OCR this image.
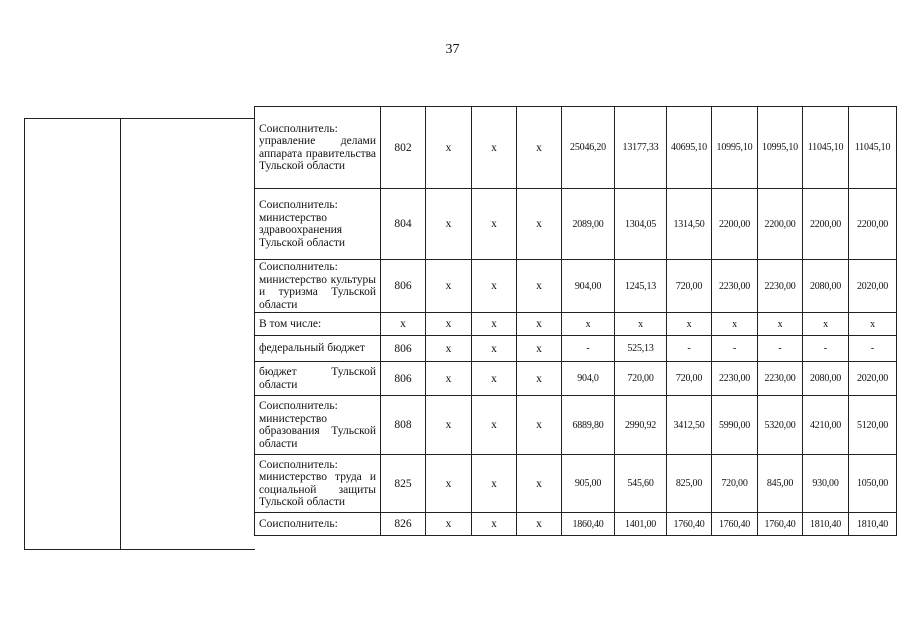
37
Соисполнитель: управление делами аппарата правительства Тульской области	802	x	x	x	25046,20	13177,33	40695,10	10995,10	10995,10	11045,10	11045,10
Соисполнитель: министерство здравоохранения Тульской области	804	x	x	x	2089,00	1304,05	1314,50	2200,00	2200,00	2200,00	2200,00
Соисполнитель: министерство культуры и туризма Тульской области	806	x	x	x	904,00	1245,13	720,00	2230,00	2230,00	2080,00	2020,00
В том числе:	x	x	x	x	x	x	x	x	x	x	x
федеральный бюджет	806	x	x	x	-	525,13	-	-	-	-	-
бюджет Тульской области	806	x	x	x	904,0	720,00	720,00	2230,00	2230,00	2080,00	2020,00
Соисполнитель: министерство образования Тульской области	808	x	x	x	6889,80	2990,92	3412,50	5990,00	5320,00	4210,00	5120,00
Соисполнитель: министерство труда и социальной защиты Тульской области	825	x	x	x	905,00	545,60	825,00	720,00	845,00	930,00	1050,00
Соисполнитель:	826	x	x	x	1860,40	1401,00	1760,40	1760,40	1760,40	1810,40	1810,40
